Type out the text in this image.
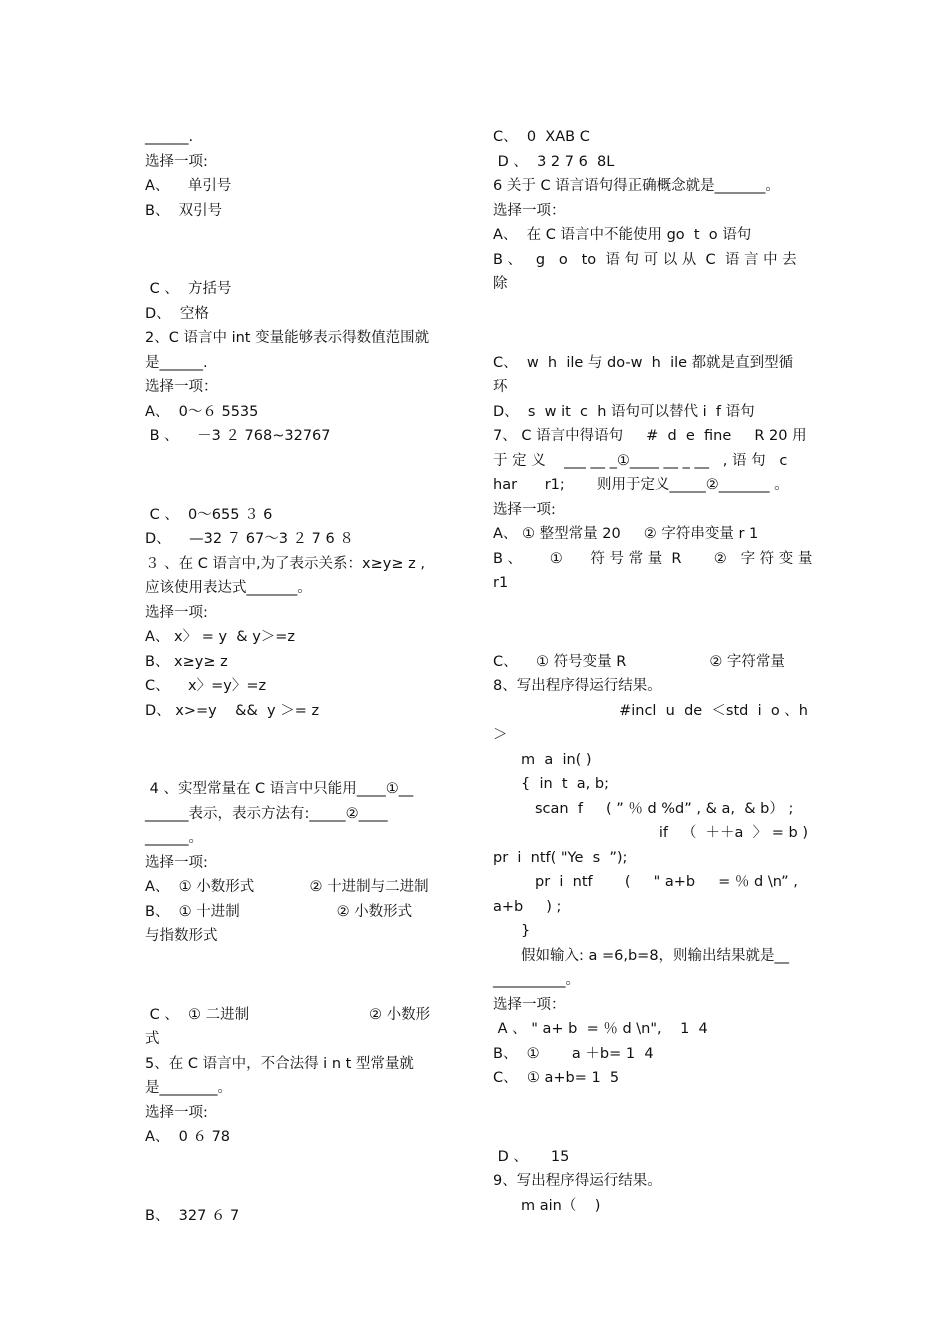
______.
选择一项:
A、    单引号
B、  双引号
C 、  方括号
D、  空格
2、C 语言中 int 变量能够表示得数值范围就
是______.
选择一项：
A、  0～６ 5535
B 、    －3 ２ 768~32767
C 、  0～655 ３ 6
D、    —32 ７ 67～3 ２ 7 6 ８
３ 、在 C 语言中,为了表示关系：x≥y≥ z ,
应该使用表达式_______。
选择一项:
A、 x〉 = y  & y＞=z
B、 x≥y≥ z
C、    x〉=y〉=z
D、 x>=y    &&  y ＞= z
4 、实型常量在 C 语言中只能用____①__
______表示，表示方法有:_____②____
______。
选择一项:
A、  ① 小数形式            ② 十进制与二进制
B、  ① 十进制                     ② 小数形式
与指数形式
C 、  ① 二进制                          ② 小数形
式
5、在 C 语言中，不合法得 i n t 型常量就
是________。
选择一项:
A、  0 ６ 78
B、  327 ６ 7
C、  0  XAB C
D 、  3 2 7 6  8L
6 关于 C 语言语句得正确概念就是_______。
选择一项：
A、  在 C 语言中不能使用 go  t  o 语句
B 、   g   o   to  语 句 可 以 从  C  语 言 中 去
除
C、  w  h  ile 与 do-w  h  ile 都就是直到型循
环
D、  s  w it  c  h 语句可以替代 i  f 语句
7、 C 语言中得语句     #  d  e  fine     R 20 用
于 定 义    ___ __ _①____ __ _ __   , 语 句   c
har      r1;       则用于定义_____②_______ 。
选择一项:
A、 ① 整型常量 20     ② 字符串变量 r 1
B 、      ①      符 号 常 量  R       ②   字 符 变 量
r1
C、    ① 符号变量 R                  ② 字符常量
8、写出程序得运行结果。
#incl  u  de  ＜std  i  o 、h
＞
m  a  in( )
{  in  t  a, b;
scan  f     ( ” ％ d %d” , & a,  & b） ;
if   （  ＋＋a  〉 = b )
pr  i  ntf( "Ye  s  ”);
pr  i  ntf       (     " a+b     = ％ d \n” ,
a+b     ) ;
}
假如输入: a =6,b=8，则输出结果就是__
__________。
选择一项：
A 、 " a+ b  = ％ d \n",    1  4
B、  ①       a ＋b= 1  4
C、  ① a+b= 1  5
D 、     15
9、写出程序得运行结果。
m ain（    )
